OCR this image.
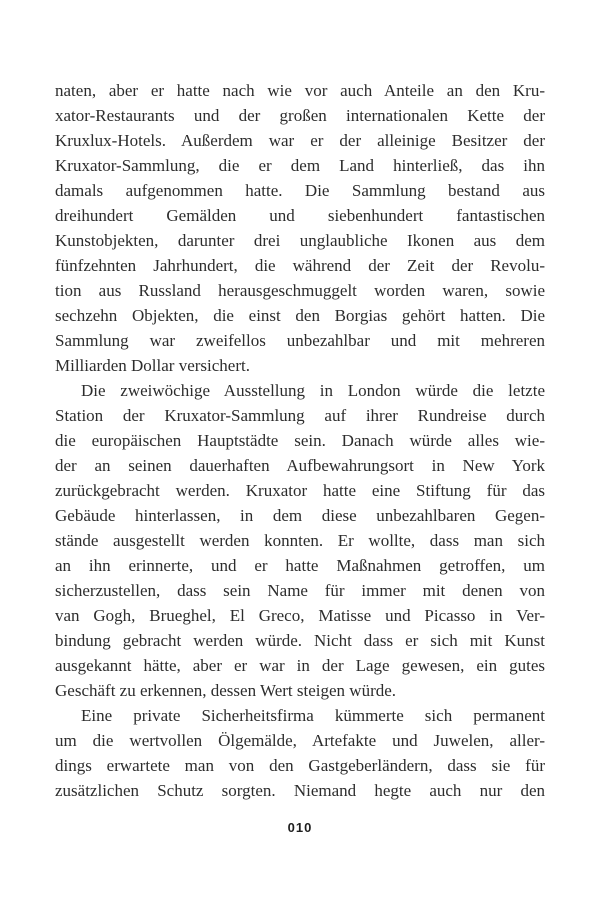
naten, aber er hatte nach wie vor auch Anteile an den Kru-
xator-Restaurants und der großen internationalen Kette der
Kruxlux-Hotels. Außerdem war er der alleinige Besitzer der
Kruxator-Sammlung, die er dem Land hinterließ, das ihn
damals aufgenommen hatte. Die Sammlung bestand aus
dreihundert Gemälden und siebenhundert fantastischen
Kunstobjekten, darunter drei unglaubliche Ikonen aus dem
fünfzehnten Jahrhundert, die während der Zeit der Revolu-
tion aus Russland herausgeschmuggelt worden waren, sowie
sechzehn Objekten, die einst den Borgias gehört hatten. Die
Sammlung war zweifellos unbezahlbar und mit mehreren
Milliarden Dollar versichert.
Die zweiwöchige Ausstellung in London würde die letzte
Station der Kruxator-Sammlung auf ihrer Rundreise durch
die europäischen Hauptstädte sein. Danach würde alles wie-
der an seinen dauerhaften Aufbewahrungsort in New York
zurückgebracht werden. Kruxator hatte eine Stiftung für das
Gebäude hinterlassen, in dem diese unbezahlbaren Gegen-
stände ausgestellt werden konnten. Er wollte, dass man sich
an ihn erinnerte, und er hatte Maßnahmen getroffen, um
sicherzustellen, dass sein Name für immer mit denen von
van Gogh, Brueghel, El Greco, Matisse und Picasso in Ver-
bindung gebracht werden würde. Nicht dass er sich mit Kunst
ausgekannt hätte, aber er war in der Lage gewesen, ein gutes
Geschäft zu erkennen, dessen Wert steigen würde.
Eine private Sicherheitsfirma kümmerte sich permanent
um die wertvollen Ölgemälde, Artefakte und Juwelen, aller-
dings erwartete man von den Gastgeberländern, dass sie für
zusätzlichen Schutz sorgten. Niemand hegte auch nur den
010
